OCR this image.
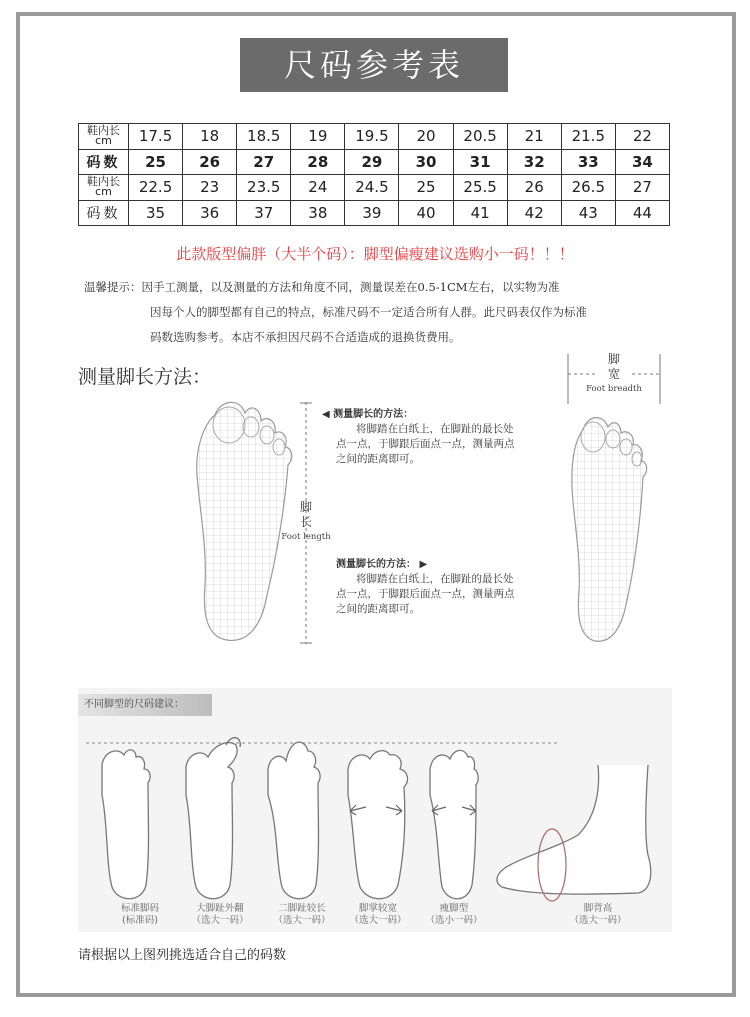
尺码参考表
鞋内长cm	17.5	18	18.5	19	19.5	20	20.5	21	21.5	22
码数	25	26	27	28	29	30	31	32	33	34
鞋内长cm	22.5	23	23.5	24	24.5	25	25.5	26	26.5	27
码数	35	36	37	38	39	40	41	42	43	44
此款版型偏胖（大半个码）：脚型偏瘦建议选购小一码！！！
温馨提示：因手工测量，以及测量的方法和角度不同，测量误差在0.5-1CM左右，以实物为准
因每个人的脚型都有自己的特点，标准尺码不一定适合所有人群。此尺码表仅作为标准
码数选购参考。本店不承担因尺码不合适造成的退换货费用。
测量脚长方法：
脚
长
Foot length
◀ 测量脚长的方法：
将脚踏在白纸上，在脚趾的最长处
点一点，于脚跟后面点一点，测量两点
之间的距离即可。
测量脚长的方法： ▶
将脚踏在白纸上，在脚趾的最长处
点一点，于脚跟后面点一点，测量两点
之间的距离即可。
脚
宽
Foot breadth
不同脚型的尺码建议：
标准脚码
(标准码)
大脚趾外翻
（选大一码）
二脚趾较长
（选大一码）
脚掌较宽
（选大一码）
瘦脚型
（选小一码）
脚背高
（选大一码）
请根据以上图列挑选适合自己的码数
